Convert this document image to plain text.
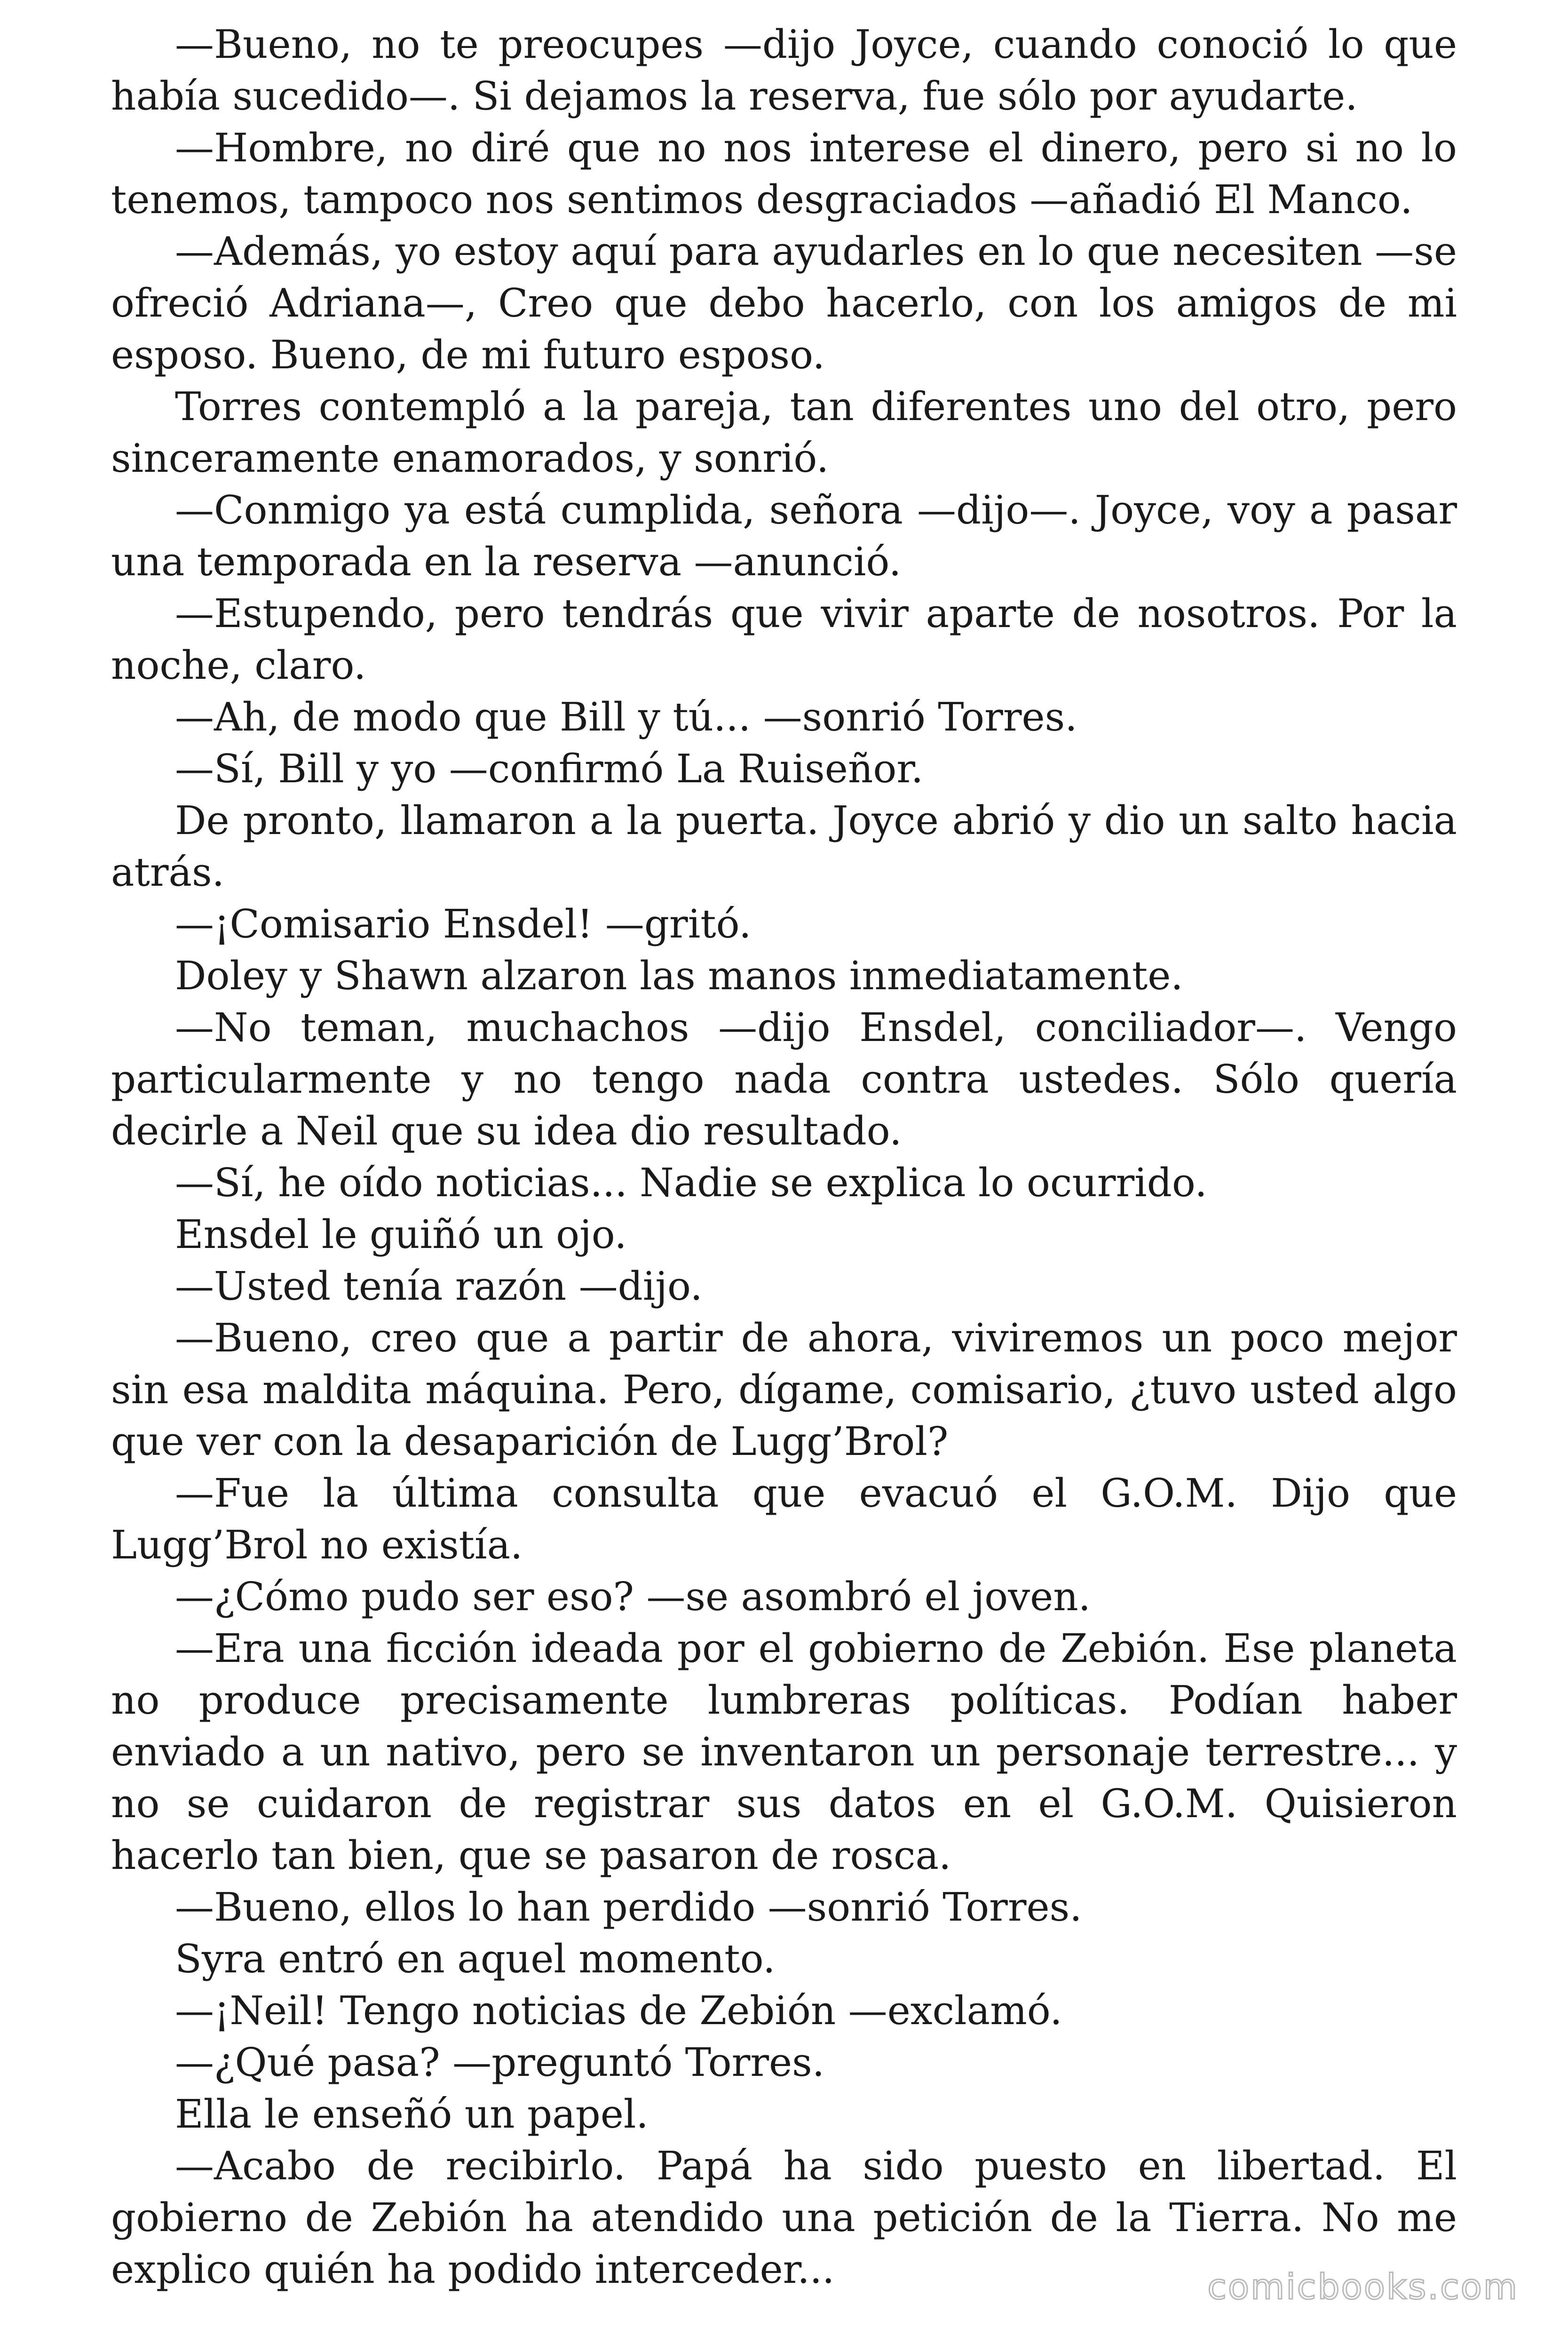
—Bueno, no te preocupes —dijo Joyce, cuando conoció lo que había sucedido—. Si dejamos la reserva, fue sólo por ayudarte.

—Hombre, no diré que no nos interese el dinero, pero si no lo tenemos, tampoco nos sentimos desgraciados —añadió El Manco.

—Además, yo estoy aquí para ayudarles en lo que necesiten —se ofreció Adriana—, Creo que debo hacerlo, con los amigos de mi esposo. Bueno, de mi futuro esposo.

Torres contempló a la pareja, tan diferentes uno del otro, pero sinceramente enamorados, y sonrió.

—Conmigo ya está cumplida, señora —dijo—. Joyce, voy a pasar una temporada en la reserva —anunció.

—Estupendo, pero tendrás que vivir aparte de nosotros. Por la noche, claro.

—Ah, de modo que Bill y tú... —sonrió Torres.

—Sí, Bill y yo —confirmó La Ruiseñor.

De pronto, llamaron a la puerta. Joyce abrió y dio un salto hacia atrás.

—¡Comisario Ensdel! —gritó.

Doley y Shawn alzaron las manos inmediatamente.

—No teman, muchachos —dijo Ensdel, conciliador—. Vengo particularmente y no tengo nada contra ustedes. Sólo quería decirle a Neil que su idea dio resultado.

—Sí, he oído noticias... Nadie se explica lo ocurrido.

Ensdel le guiñó un ojo.

—Usted tenía razón —dijo.

—Bueno, creo que a partir de ahora, viviremos un poco mejor sin esa maldita máquina. Pero, dígame, comisario, ¿tuvo usted algo que ver con la desaparición de Lugg’Brol?

—Fue la última consulta que evacuó el G.O.M. Dijo que Lugg’Brol no existía.

—¿Cómo pudo ser eso? —se asombró el joven.

—Era una ficción ideada por el gobierno de Zebión. Ese planeta no produce precisamente lumbreras políticas. Podían haber enviado a un nativo, pero se inventaron un personaje terrestre... y no se cuidaron de registrar sus datos en el G.O.M. Quisieron hacerlo tan bien, que se pasaron de rosca.

—Bueno, ellos lo han perdido —sonrió Torres.

Syra entró en aquel momento.

—¡Neil! Tengo noticias de Zebión —exclamó.

—¿Qué pasa? —preguntó Torres.

Ella le enseñó un papel.

—Acabo de recibirlo. Papá ha sido puesto en libertad. El gobierno de Zebión ha atendido una petición de la Tierra. No me explico quién ha podido interceder...	comicbooks.com
